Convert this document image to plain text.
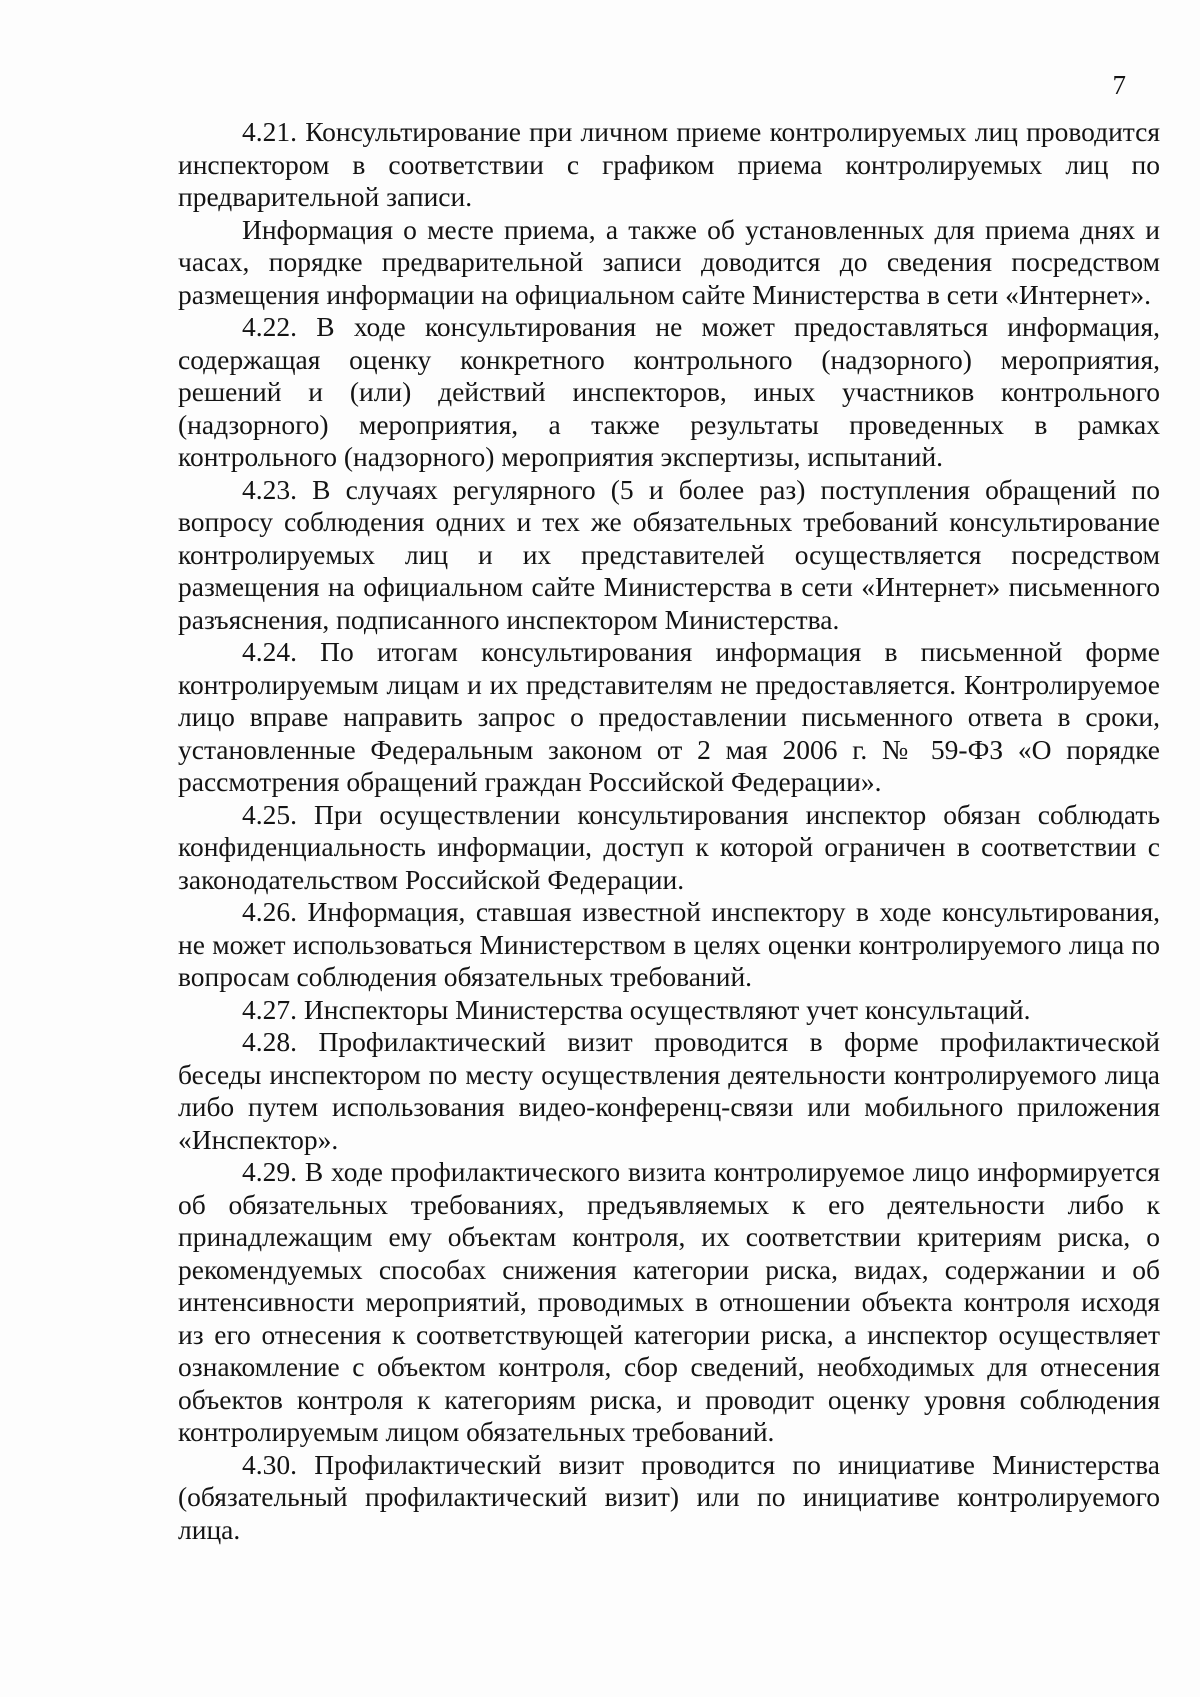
7

4.21. Консультирование при личном приеме контролируемых лиц проводится инспектором в соответствии с графиком приема контролируемых лиц по предварительной записи.

Информация о месте приема, а также об установленных для приема днях и часах, порядке предварительной записи доводится до сведения посредством размещения информации на официальном сайте Министерства в сети «Интернет».

4.22. В ходе консультирования не может предоставляться информация, содержащая оценку конкретного контрольного (надзорного) мероприятия, решений и (или) действий инспекторов, иных участников контрольного (надзорного) мероприятия, а также результаты проведенных в рамках контрольного (надзорного) мероприятия экспертизы, испытаний.

4.23. В случаях регулярного (5 и более раз) поступления обращений по вопросу соблюдения одних и тех же обязательных требований консультирование контролируемых лиц и их представителей осуществляется посредством размещения на официальном сайте Министерства в сети «Интернет» письменного разъяснения, подписанного инспектором Министерства.

4.24. По итогам консультирования информация в письменной форме контролируемым лицам и их представителям не предоставляется. Контролируемое лицо вправе направить запрос о предоставлении письменного ответа в сроки, установленные Федеральным законом от 2 мая 2006 г. № 59-ФЗ «О порядке рассмотрения обращений граждан Российской Федерации».

4.25. При осуществлении консультирования инспектор обязан соблюдать конфиденциальность информации, доступ к которой ограничен в соответствии с законодательством Российской Федерации.

4.26. Информация, ставшая известной инспектору в ходе консультирования, не может использоваться Министерством в целях оценки контролируемого лица по вопросам соблюдения обязательных требований.

4.27. Инспекторы Министерства осуществляют учет консультаций.

4.28. Профилактический визит проводится в форме профилактической беседы инспектором по месту осуществления деятельности контролируемого лица либо путем использования видео-конференц-связи или мобильного приложения «Инспектор».

4.29. В ходе профилактического визита контролируемое лицо информируется об обязательных требованиях, предъявляемых к его деятельности либо к принадлежащим ему объектам контроля, их соответствии критериям риска, о рекомендуемых способах снижения категории риска, видах, содержании и об интенсивности мероприятий, проводимых в отношении объекта контроля исходя из его отнесения к соответствующей категории риска, а инспектор осуществляет ознакомление с объектом контроля, сбор сведений, необходимых для отнесения объектов контроля к категориям риска, и проводит оценку уровня соблюдения контролируемым лицом обязательных требований.

4.30. Профилактический визит проводится по инициативе Министерства (обязательный профилактический визит) или по инициативе контролируемого лица.
